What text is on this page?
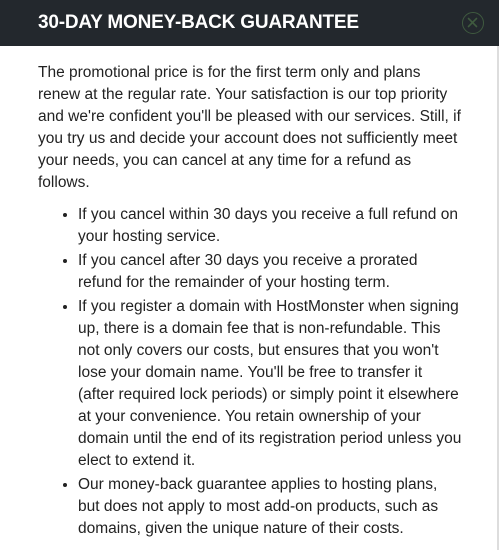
30-DAY MONEY-BACK GUARANTEE

The promotional price is for the first term only and plans renew at the regular rate. Your satisfaction is our top priority and we're confident you'll be pleased with our services. Still, if you try us and decide your account does not sufficiently meet your needs, you can cancel at any time for a refund as follows.

• If you cancel within 30 days you receive a full refund on your hosting service.
• If you cancel after 30 days you receive a prorated refund for the remainder of your hosting term.
• If you register a domain with HostMonster when signing up, there is a domain fee that is non-refundable. This not only covers our costs, but ensures that you won't lose your domain name. You'll be free to transfer it (after required lock periods) or simply point it elsewhere at your convenience. You retain ownership of your domain until the end of its registration period unless you elect to extend it.
• Our money-back guarantee applies to hosting plans, but does not apply to most add-on products, such as domains, given the unique nature of their costs.
